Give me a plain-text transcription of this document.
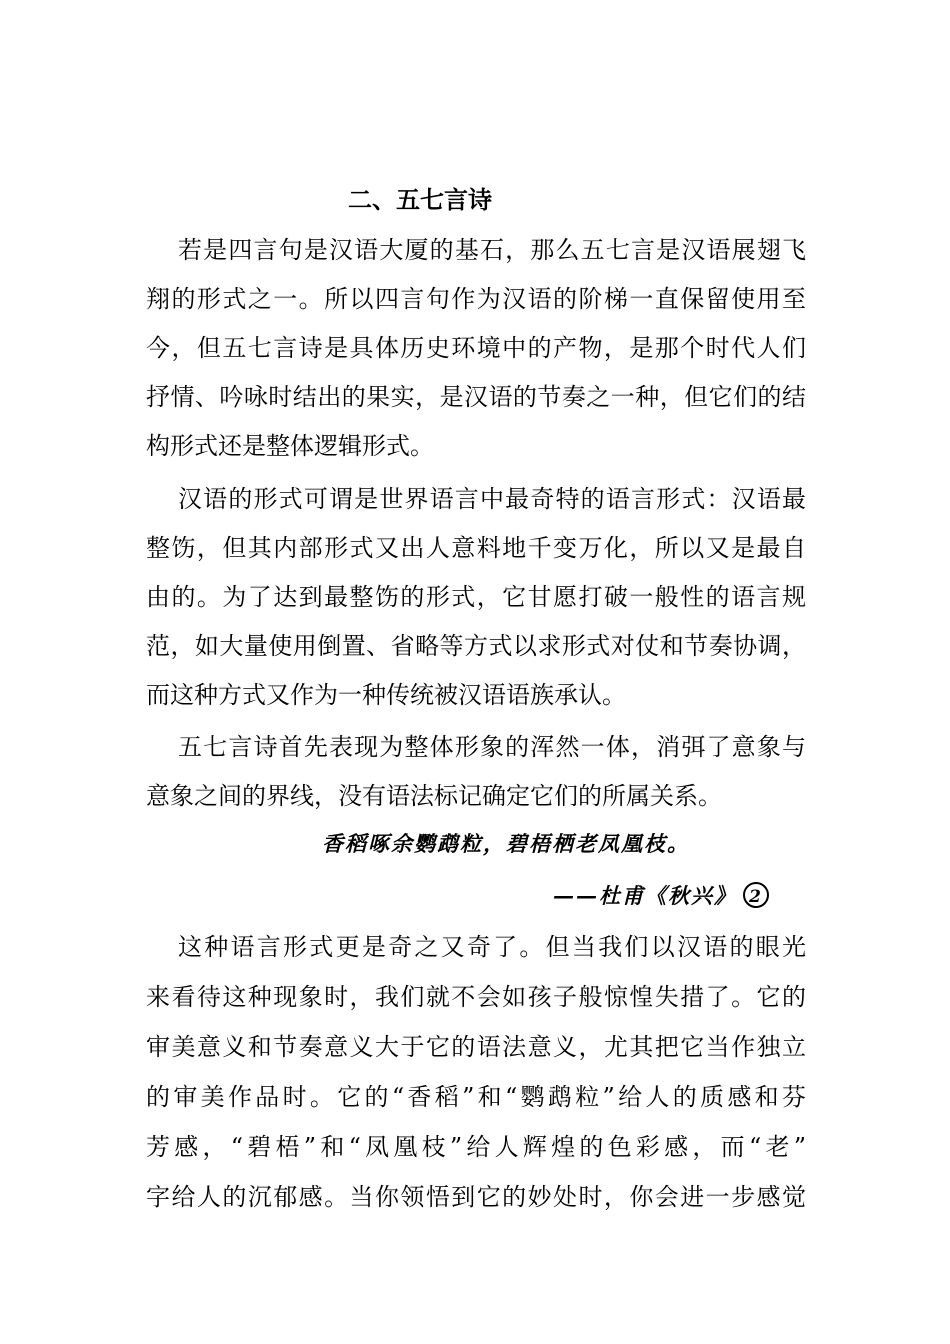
二、五七言诗
若是四言句是汉语大厦的基石，那么五七言是汉语展翅飞
翔的形式之一。所以四言句作为汉语的阶梯一直保留使用至
今，但五七言诗是具体历史环境中的产物，是那个时代人们
抒情、吟咏时结出的果实，是汉语的节奏之一种，但它们的结
构形式还是整体逻辑形式。
汉语的形式可谓是世界语言中最奇特的语言形式：汉语最
整饬，但其内部形式又出人意料地千变万化，所以又是最自
由的。为了达到最整饬的形式，它甘愿打破一般性的语言规
范，如大量使用倒置、省略等方式以求形式对仗和节奏协调，
而这种方式又作为一种传统被汉语语族承认。
五七言诗首先表现为整体形象的浑然一体，消弭了意象与
意象之间的界线，没有语法标记确定它们的所属关系。
香稻啄余鹦鹉粒，碧梧栖老凤凰枝。
——杜甫《秋兴》 2
这种语言形式更是奇之又奇了。但当我们以汉语的眼光
来看待这种现象时，我们就不会如孩子般惊惶失措了。它的
审美意义和节奏意义大于它的语法意义，尤其把它当作独立
的审美作品时。它的“香稻”和“鹦鹉粒”给人的质感和芬
芳感，“碧梧”和“凤凰枝”给人辉煌的色彩感，而“老”
字给人的沉郁感。当你领悟到它的妙处时，你会进一步感觉
